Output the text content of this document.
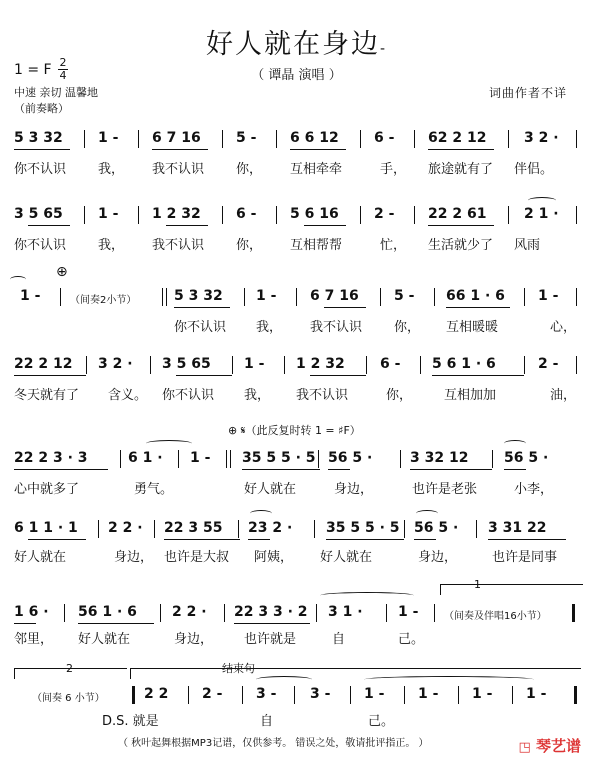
好人就在身边-
（ 谭晶 演唱 ）
1 = F 2
4
中速 亲切 温馨地
（前奏略）
词曲作者不详
5 3 32	1 - 6 7 16	5 - 6 6 12	6 - 62 2 12	3 2 ·
你不认识 我， 我不认识 你， 互相牵牵	手， 旅途就有了 伴侣。
3 5 65	1 - 1 2 32	6 - 5 6 16	2 - 22 2 61	2 1 ·
你不认识 我， 我不认识 你， 互相帮帮	忙， 生活就少了 风雨
⊕
1 -	（间奏2小节）	5 3 32 1 - 6 7 16	5 - 66 1 · 6 1 -
你不认识 我， 我不认识 你， 互相暖暖	心，
22 2 12 3 2 · 3 5 65 1 - 1 2 32	6 - 5 6 1 · 6	2 -
冬天就有了 含义。 你不认识 我， 我不认识	你， 互相加加	油，
⊕ 𝄋（此反复时转 1 = ♯F）
22 2 3 · 3	6 1 · 1 - 35 5 5 · 5 56 5 ·	3 32 12	56 5 ·
心中就多了	勇气。	好人就在	身边，	也许是老张	小李，
6 1 1 · 1 2 2 · 22 3 55 23 2 · 35 5 5 · 5 56 5 · 3 31 22
好人就在	身边， 也许是大叔 阿姨， 好人就在	身边，	也许是同事
1
1 6 · 56 1 · 6	2 2 · 22 3 3 · 2 3 1 ·	1 -	（间奏及伴唱16小节）
邻里， 好人就在	身边， 也许就是	自	己。
2	结束句
（间奏 6 小节）	2 2 2 - 3 - 3 - 1 - 1 - 1 - 1 -
D.S. 就是	自	己。
（ 秋叶起舞根据MP3记谱，仅供参考。 错误之处，敬请批评指正。 ）	◳ 琴艺谱
